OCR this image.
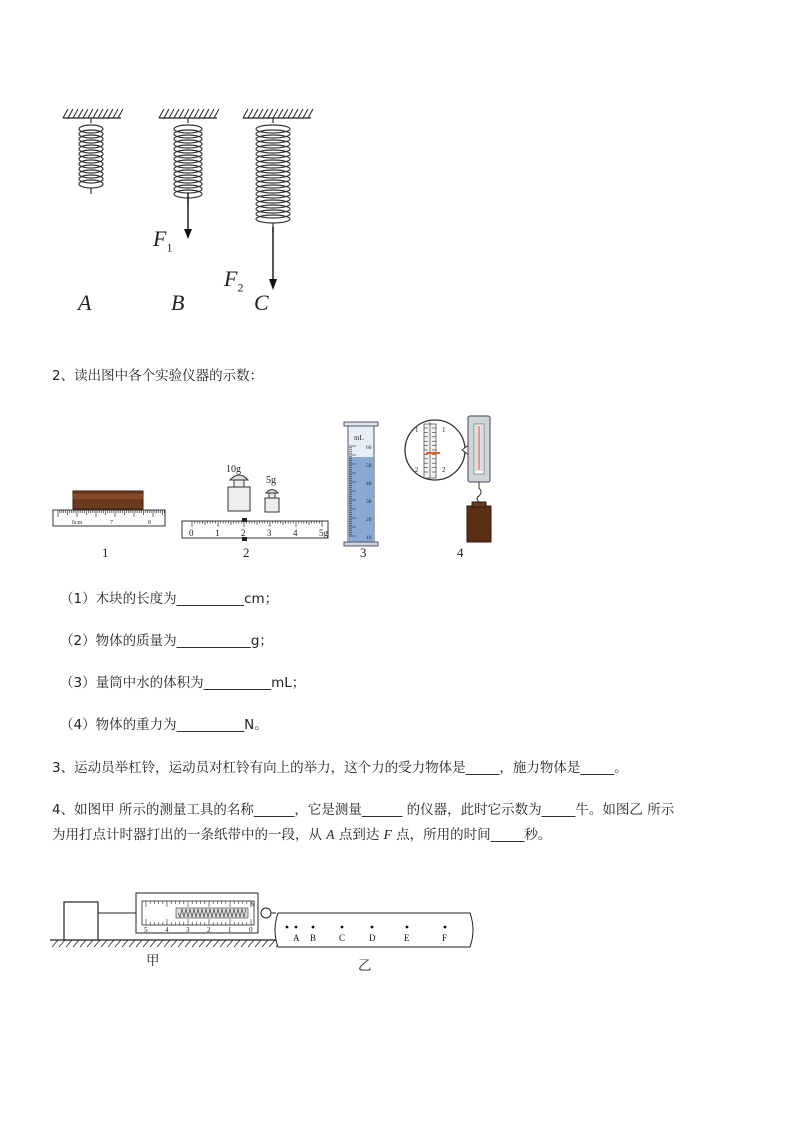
A	B	C
$F_1$
$F_2$
2、读出图中各个实验仪器的示数：
6cm	7	8
10g
5g
0 1 2 3 4 5g
mL
60
50
40
30
20
10
1	1
2	2
1	2	3	4
（1）木块的长度为__________cm；
（2）物体的质量为___________g；
（3）量筒中水的体积为__________mL；
（4）物体的重力为__________N。
3、运动员举杠铃，运动员对杠铃有向上的举力，这个力的受力物体是_____，施力物体是_____。
4、如图甲 所示的测量工具的名称______，它是测量______ 的仪器，此时它示数为_____牛。如图乙 所示
为用打点计时器打出的一条纸带中的一段，从 A 点到达 F 点，所用的时间_____秒。
5	4	3	2	1	0
N
A B	C	D	E	F
甲	乙
